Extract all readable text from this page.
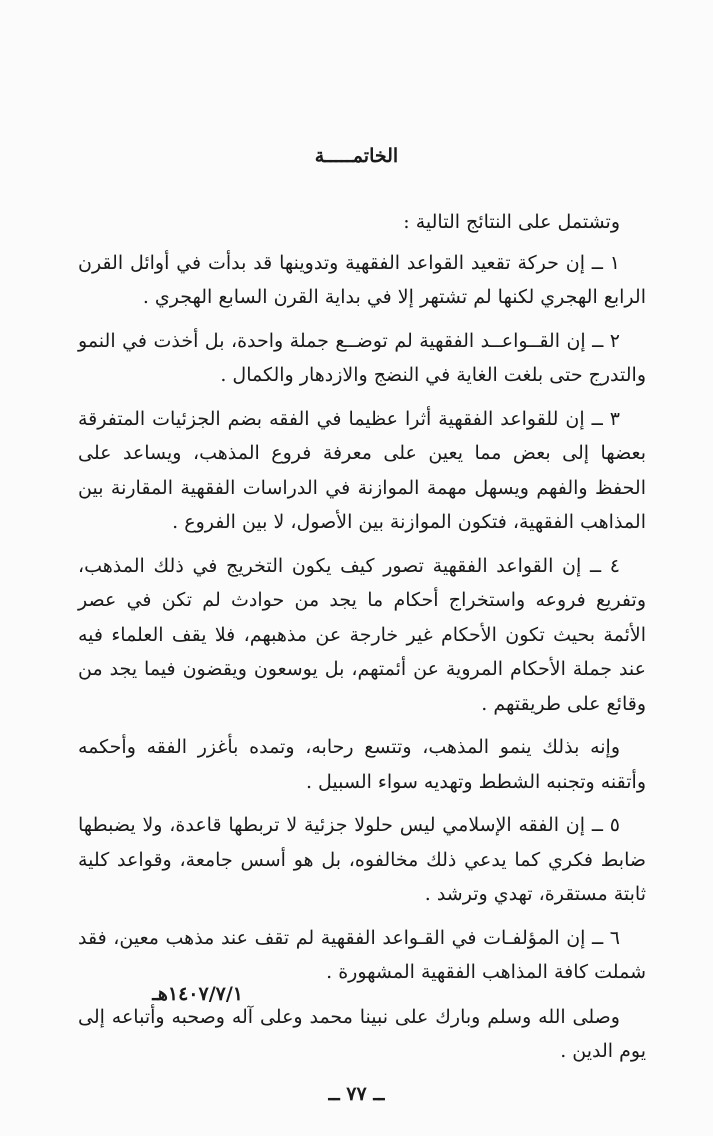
الخاتمـــــة

وتشتمل على النتائج التالية :

١ ــ إن حركة تقعيد القواعد الفقهية وتدوينها قد بدأت في أوائل القرن الرابع الهجري لكنها لم تشتهر إلا في بداية القرن السابع الهجري .

٢ ــ إن القــواعــد الفقهية لم توضــع جملة واحدة، بل أخذت في النمو والتدرج حتى بلغت الغاية في النضج والازدهار والكمال .

٣ ــ إن للقواعد الفقهية أثرا عظيما في الفقه بضم الجزئيات المتفرقة بعضها إلى بعض مما يعين على معرفة فروع المذهب، ويساعد على الحفظ والفهم ويسهل مهمة الموازنة في الدراسات الفقهية المقارنة بين المذاهب الفقهية، فتكون الموازنة بين الأصول، لا بين الفروع .

٤ ــ إن القواعد الفقهية تصور كيف يكون التخريج في ذلك المذهب، وتفريع فروعه واستخراج أحكام ما يجد من حوادث لم تكن في عصر الأئمة بحيث تكون الأحكام غير خارجة عن مذهبهم، فلا يقف العلماء فيه عند جملة الأحكام المروية عن أئمتهم، بل يوسعون ويقضون فيما يجد من وقائع على طريقتهم .

وإنه بذلك ينمو المذهب، وتتسع رحابه، وتمده بأغزر الفقه وأحكمه وأتقنه وتجنبه الشطط وتهديه سواء السبيل .

٥ ــ إن الفقه الإسلامي ليس حلولا جزئية لا تربطها قاعدة، ولا يضبطها ضابط فكري كما يدعي ذلك مخالفوه، بل هو أسس جامعة، وقواعد كلية ثابتة مستقرة، تهدي وترشد .

٦ ــ إن المؤلفـات في القـواعد الفقهية لم تقف عند مذهب معين، فقد شملت كافة المذاهب الفقهية المشهورة .

وصلى الله وسلم وبارك على نبينا محمد وعلى آله وصحبه وأتباعه إلى يوم الدين .

١٤٠٧/٧/١هـ
ــ ٧٧ ــ
